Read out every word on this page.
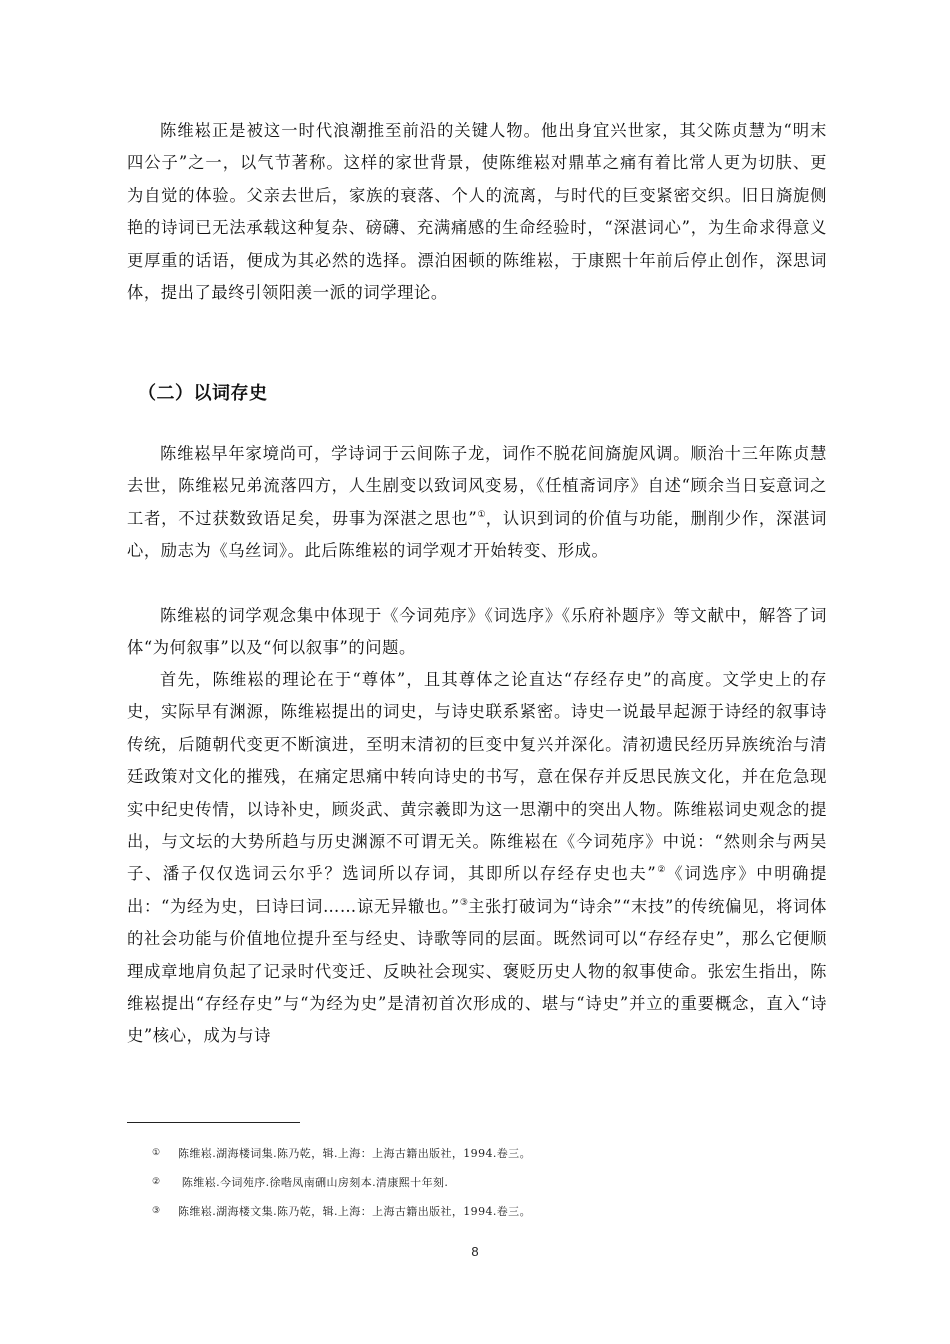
陈维崧正是被这一时代浪潮推至前沿的关键人物。他出身宜兴世家，其父陈贞慧为“明末四公子”之一，以气节著称。这样的家世背景，使陈维崧对鼎革之痛有着比常人更为切肤、更为自觉的体验。父亲去世后，家族的衰落、个人的流离，与时代的巨变紧密交织。旧日旖旎侧艳的诗词已无法承载这种复杂、磅礴、充满痛感的生命经验时，“深湛词心”，为生命求得意义更厚重的话语，便成为其必然的选择。漂泊困顿的陈维崧，于康熙十年前后停止创作，深思词体，提出了最终引领阳羡一派的词学理论。

（二）以词存史

陈维崧早年家境尚可，学诗词于云间陈子龙，词作不脱花间旖旎风调。顺治十三年陈贞慧去世，陈维崧兄弟流落四方，人生剧变以致词风变易，《任植斋词序》自述“顾余当日妄意词之工者，不过获数致语足矣，毋事为深湛之思也”①，认识到词的价值与功能，删削少作，深湛词心，励志为《乌丝词》。此后陈维崧的词学观才开始转变、形成。

陈维崧的词学观念集中体现于《今词苑序》《词选序》《乐府补题序》等文献中，解答了词体“为何叙事”以及“何以叙事”的问题。

首先，陈维崧的理论在于“尊体”，且其尊体之论直达“存经存史”的高度。文学史上的存史，实际早有渊源，陈维崧提出的词史，与诗史联系紧密。诗史一说最早起源于诗经的叙事诗传统，后随朝代变更不断演进，至明末清初的巨变中复兴并深化。清初遗民经历异族统治与清廷政策对文化的摧残，在痛定思痛中转向诗史的书写，意在保存并反思民族文化，并在危急现实中纪史传情，以诗补史，顾炎武、黄宗羲即为这一思潮中的突出人物。陈维崧词史观念的提出，与文坛的大势所趋与历史渊源不可谓无关。陈维崧在《今词苑序》中说：“然则余与两吴子、潘子仅仅选词云尔乎？选词所以存词，其即所以存经存史也夫”②《词选序》中明确提出：“为经为史，曰诗曰词……谅无异辙也。”③主张打破词为“诗余”“末技”的传统偏见，将词体的社会功能与价值地位提升至与经史、诗歌等同的层面。既然词可以“存经存史”，那么它便顺理成章地肩负起了记录时代变迁、反映社会现实、褒贬历史人物的叙事使命。张宏生指出，陈维崧提出“存经存史”与“为经为史”是清初首次形成的、堪与“诗史”并立的重要概念，直入“诗史”核心，成为与诗

① 陈维崧.湖海楼词集.陈乃乾，辑.上海：上海古籍出版社，1994.卷三。
② 陈维崧.今词苑序.徐喈凤南硎山房刻本.清康熙十年刻.
③ 陈维崧.湖海楼文集.陈乃乾，辑.上海：上海古籍出版社，1994.卷三。
8
